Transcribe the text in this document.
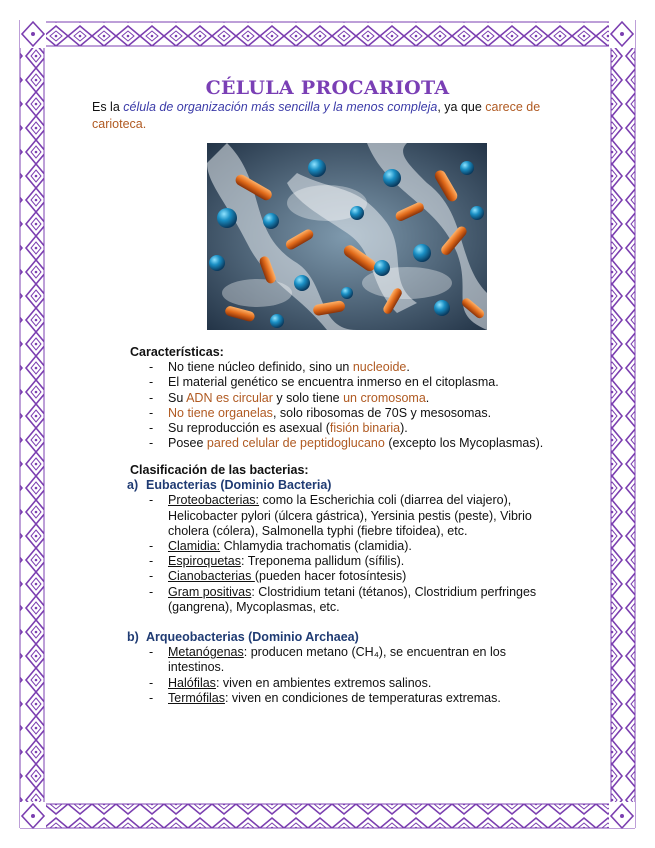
CÉLULA PROCARIOTA

Es la célula de organización más sencilla y la menos compleja, ya que carece de carioteca.

Características:
- No tiene núcleo definido, sino un nucleoide.
- El material genético se encuentra inmerso en el citoplasma.
- Su ADN es circular y solo tiene un cromosoma.
- No tiene organelas, solo ribosomas de 70S y mesosomas.
- Su reproducción es asexual (fisión binaria).
- Posee pared celular de peptidoglucano (excepto los Mycoplasmas).
Clasificación de las bacterias:
a) Eubacterias (Dominio Bacteria)
- Proteobacterias: como la Escherichia coli (diarrea del viajero), Helicobacter pylori (úlcera gástrica), Yersinia pestis (peste), Vibrio cholera (cólera), Salmonella typhi (fiebre tifoidea), etc.
- Clamidia: Chlamydia trachomatis (clamidia).
- Espiroquetas: Treponema pallidum (sífilis).
- Cianobacterias (pueden hacer fotosíntesis)
- Gram positivas: Clostridium tetani (tétanos), Clostridium perfringes (gangrena), Mycoplasmas, etc.
b) Arqueobacterias (Dominio Archaea)
- Metanógenas: producen metano (CH₄), se encuentran en los intestinos.
- Halófilas: viven en ambientes extremos salinos.
- Termófilas: viven en condiciones de temperaturas extremas.
